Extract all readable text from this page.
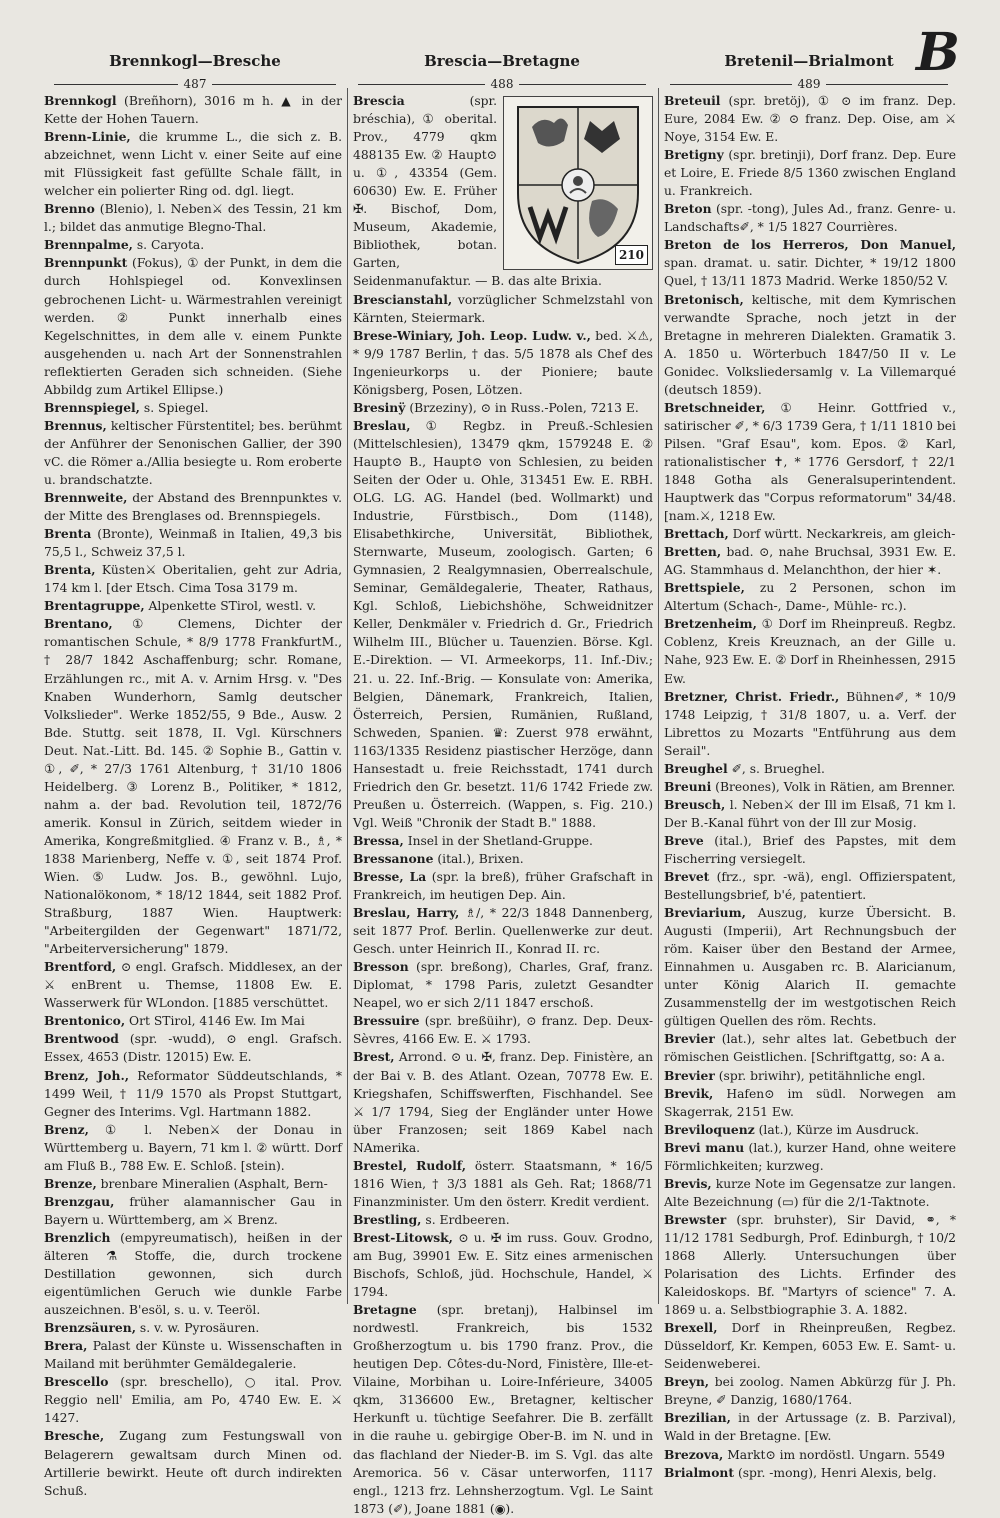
B
Brennkogl—Bresche	Brescia—Bretagne	Bretenil—Brialmont
487	488	489

Brennkogl (Breñhorn), 3016 m h. ▲ in der Kette der Hohen Tauern.

Brenn-Linie, die krumme L., die sich z. B. abzeichnet, wenn Licht v. einer Seite auf eine mit Flüssigkeit fast gefüllte Schale fällt, in welcher ein polierter Ring od. dgl. liegt.

Brenno (Blenio), l. Neben⚔ des Tessin, 21 km l.; bildet das anmutige Blegno-Thal.

Brennpalme, s. Caryota.

Brennpunkt (Fokus), ① der Punkt, in dem die durch Hohlspiegel od. Konvexlinsen gebrochenen Licht- u. Wärmestrahlen vereinigt werden. ② Punkt innerhalb eines Kegelschnittes, in dem alle v. einem Punkte ausgehenden u. nach Art der Sonnenstrahlen reflektierten Geraden sich schneiden. (Siehe Abbildg zum Artikel Ellipse.)

Brennspiegel, s. Spiegel.

Brennus, keltischer Fürstentitel; bes. berühmt der Anführer der Senonischen Gallier, der 390 vC. die Römer a./Allia besiegte u. Rom eroberte u. brandschatzte.

Brennweite, der Abstand des Brennpunktes v. der Mitte des Brenglases od. Brennspiegels.

Brenta (Bronte), Weinmaß in Italien, 49,3 bis 75,5 l., Schweiz 37,5 l.

Brenta, Küsten⚔ Oberitalien, geht zur Adria, 174 km l. [der Etsch. Cima Tosa 3179 m.

Brentagruppe, Alpenkette STirol, westl. v.

Brentano, ① Clemens, Dichter der romantischen Schule, * 8/9 1778 FrankfurtM., † 28/7 1842 Aschaffenburg; schr. Romane, Erzählungen rc., mit A. v. Arnim Hrsg. v. "Des Knaben Wunderhorn, Samlg deutscher Volkslieder". Werke 1852/55, 9 Bde., Ausw. 2 Bde. Stuttg. seit 1878, II. Vgl. Kürschners Deut. Nat.-Litt. Bd. 145. ② Sophie B., Gattin v. ①, ✐, * 27/3 1761 Altenburg, † 31/10 1806 Heidelberg. ③ Lorenz B., Politiker, * 1812, nahm a. der bad. Revolution teil, 1872/76 amerik. Konsul in Zürich, seitdem wieder in Amerika, Kongreßmitglied. ④ Franz v. B., ♗, * 1838 Marienberg, Neffe v. ①, seit 1874 Prof. Wien. ⑤ Ludw. Jos. B., gewöhnl. Lujo, Nationalökonom, * 18/12 1844, seit 1882 Prof. Straßburg, 1887 Wien. Hauptwerk: "Arbeitergilden der Gegenwart" 1871/72, "Arbeiterversicherung" 1879.

Brentford, ⊙ engl. Grafsch. Middlesex, an der ⚔ enBrent u. Themse, 11808 Ew. E. Wasserwerk für WLondon. [1885 verschüttet.

Brentonico, Ort STirol, 4146 Ew. Im Mai

Brentwood (spr. -wudd), ⊙ engl. Grafsch. Essex, 4653 (Distr. 12015) Ew. E.

Brenz, Joh., Reformator Süddeutschlands, * 1499 Weil, † 11/9 1570 als Propst Stuttgart, Gegner des Interims. Vgl. Hartmann 1882.

Brenz, ① l. Neben⚔ der Donau in Württemberg u. Bayern, 71 km l. ② württ. Dorf am Fluß B., 788 Ew. E. Schloß. [stein).

Brenze, brenbare Mineralien (Asphalt, Bern-

Brenzgau, früher alamannischer Gau in Bayern u. Württemberg, am ⚔ Brenz.

Brenzlich (empyreumatisch), heißen in der älteren ⚗ Stoffe, die, durch trockene Destillation gewonnen, sich durch eigentümlichen Geruch wie dunkle Farbe auszeichnen. B'esöl, s. u. v. Teeröl.

Brenzsäuren, s. v. w. Pyrosäuren.

Brera, Palast der Künste u. Wissenschaften in Mailand mit berühmter Gemäldegalerie.

Brescello (spr. breschello), ○ ital. Prov. Reggio nell' Emilia, am Po, 4740 Ew. E. ⚔ 1427.

Bresche, Zugang zum Festungswall von Belagerern gewaltsam durch Minen od. Artillerie bewirkt. Heute oft durch indirekten Schuß.

210

Brescia	(spr. bréschia), ① oberital. Prov., 4779 qkm 488135 Ew. ② Haupt⊙ u. ①, 43354 (Gem. 60630) Ew. E. Früher ✠. Bischof, Dom, Museum, Akademie, Bibliothek, botan. Garten, Seidenmanufaktur. — B. das alte Brixia.

Brescianstahl, vorzüglicher Schmelzstahl von Kärnten, Steiermark.

Brese-Winiary, Joh. Leop. Ludw. v., bed. ⚔⚠, * 9/9 1787 Berlin, † das. 5/5 1878 als Chef des Ingenieurkorps u. der Pioniere; baute Königsberg, Posen, Lötzen.

Bresinÿ (Brzeziny), ⊙ in Russ.-Polen, 7213 E.

Breslau, ① Regbz. in Preuß.-Schlesien (Mittelschlesien), 13479 qkm, 1579248 E. ② Haupt⊙ B., Haupt⊙ von Schlesien, zu beiden Seiten der Oder u. Ohle, 313451 Ew. E. RBH. OLG. LG. AG. Handel (bed. Wollmarkt) und Industrie, Fürstbisch., Dom (1148), Elisabethkirche, Universität, Bibliothek, Sternwarte, Museum, zoologisch. Garten; 6 Gymnasien, 2 Realgymnasien, Oberrealschule, Seminar, Gemäldegalerie, Theater, Rathaus, Kgl. Schloß, Liebichshöhe, Schweidnitzer Keller, Denkmäler v. Friedrich d. Gr., Friedrich Wilhelm III., Blücher u. Tauenzien. Börse. Kgl. E.-Direktion. — VI. Armeekorps, 11. Inf.-Div.; 21. u. 22. Inf.-Brig. — Konsulate von: Amerika, Belgien, Dänemark, Frankreich, Italien, Österreich, Persien, Rumänien, Rußland, Schweden, Spanien. ♛: Zuerst 978 erwähnt, 1163/1335 Residenz piastischer Herzöge, dann Hansestadt u. freie Reichsstadt, 1741 durch Friedrich den Gr. besetzt. 11/6 1742 Friede zw. Preußen u. Österreich. (Wappen, s. Fig. 210.) Vgl. Weiß "Chronik der Stadt B." 1888.

Bressa, Insel in der Shetland-Gruppe.

Bressanone (ital.), Brixen.

Bresse, La (spr. la breß), früher Grafschaft in Frankreich, im heutigen Dep. Ain.

Breslau, Harry, ♗/, * 22/3 1848 Dannenberg, seit 1877 Prof. Berlin. Quellenwerke zur deut. Gesch. unter Heinrich II., Konrad II. rc.

Bresson (spr. breßong), Charles, Graf, franz. Diplomat, * 1798 Paris, zuletzt Gesandter Neapel, wo er sich 2/11 1847 erschoß.

Bressuire (spr. breßüihr), ⊙ franz. Dep. Deux-Sèvres, 4166 Ew. E. ⚔ 1793.

Brest, Arrond. ⊙ u. ✠, franz. Dep. Finistère, an der Bai v. B. des Atlant. Ozean, 70778 Ew. E. Kriegshafen, Schiffswerften, Fischhandel. See ⚔ 1/7 1794, Sieg der Engländer unter Howe über Franzosen; seit 1869 Kabel nach NAmerika.

Brestel, Rudolf, österr. Staatsmann, * 16/5 1816 Wien, † 3/3 1881 als Geh. Rat; 1868/71 Finanzminister. Um den österr. Kredit verdient.

Brestling, s. Erdbeeren.

Brest-Litowsk, ⊙ u. ✠ im russ. Gouv. Grodno, am Bug, 39901 Ew. E. Sitz eines armenischen Bischofs, Schloß, jüd. Hochschule, Handel, ⚔ 1794.

Bretagne (spr. bretanj), Halbinsel im nordwestl. Frankreich, bis 1532 Großherzogtum u. bis 1790 franz. Prov., die heutigen Dep. Côtes-du-Nord, Finistère, Ille-et-Vilaine, Morbihan u. Loire-Inférieure, 34005 qkm, 3136600 Ew., Bretagner, keltischer Herkunft u. tüchtige Seefahrer. Die B. zerfällt in die rauhe u. gebirgige Ober-B. im N. und in das flachland der Nieder-B. im S. Vgl. das alte Aremorica. 56 v. Cäsar unterworfen, 1117 engl., 1213 frz. Lehnsherzogtum. Vgl. Le Saint 1873 (✐), Joane 1881 (◉).

Breteuil (spr. bretöj), ① ⊙ im franz. Dep. Eure, 2084 Ew. ② ⊙ franz. Dep. Oise, am ⚔ Noye, 3154 Ew. E.

Bretigny (spr. bretinji), Dorf franz. Dep. Eure et Loire, E. Friede 8/5 1360 zwischen England u. Frankreich.

Breton (spr. -tong), Jules Ad., franz. Genre- u. Landschafts✐, * 1/5 1827 Courrières.

Breton de los Herreros, Don Manuel, span. dramat. u. satir. Dichter, * 19/12 1800 Quel, † 13/11 1873 Madrid. Werke 1850/52 V.

Bretonisch, keltische, mit dem Kymrischen verwandte Sprache, noch jetzt in der Bretagne in mehreren Dialekten. Gramatik 3. A. 1850 u. Wörterbuch 1847/50 II v. Le Gonidec. Volksliedersamlg v. La Villemarqué (deutsch 1859).

Bretschneider, ① Heinr. Gottfried v., satirischer ✐, * 6/3 1739 Gera, † 1/11 1810 bei Pilsen. "Graf Esau", kom. Epos. ② Karl, rationalistischer ✝, * 1776 Gersdorf, † 22/1 1848 Gotha als Generalsuperintendent. Hauptwerk das "Corpus reformatorum" 34/48. [nam.⚔, 1218 Ew.

Brettach, Dorf württ. Neckarkreis, am gleich-

Bretten, bad. ⊙, nahe Bruchsal, 3931 Ew. E. AG. Stammhaus d. Melanchthon, der hier ✶.

Brettspiele, zu 2 Personen, schon im Altertum (Schach-, Dame-, Mühle- rc.).

Bretzenheim, ① Dorf im Rheinpreuß. Regbz. Coblenz, Kreis Kreuznach, an der Gille u. Nahe, 923 Ew. E. ② Dorf in Rheinhessen, 2915 Ew.

Bretzner, Christ. Friedr., Bühnen✐, * 10/9 1748 Leipzig, † 31/8 1807, u. a. Verf. der Librettos zu Mozarts "Entführung aus dem Serail".

Breughel ✐, s. Brueghel.

Breuni (Breones), Volk in Rätien, am Brenner.

Breusch, l. Neben⚔ der Ill im Elsaß, 71 km l. Der B.-Kanal führt von der Ill zur Mosig.

Breve (ital.), Brief des Papstes, mit dem Fischerring versiegelt.

Brevet (frz., spr. -wä), engl. Offizierspatent, Bestellungsbrief, b'é, patentiert.

Breviarium, Auszug, kurze Übersicht. B. Augusti (Imperii), Art Rechnungsbuch der röm. Kaiser über den Bestand der Armee, Einnahmen u. Ausgaben rc. B. Alaricianum, unter König Alarich II. gemachte Zusammenstellg der im westgotischen Reich gültigen Quellen des röm. Rechts.

Brevier (lat.), sehr altes lat. Gebetbuch der römischen Geistlichen. [Schriftgattg, so: A a.

Brevier (spr. briwihr), petitähnliche engl.

Brevik, Hafen⊙ im südl. Norwegen am Skagerrak, 2151 Ew.

Breviloquenz (lat.), Kürze im Ausdruck.

Brevi manu (lat.), kurzer Hand, ohne weitere Förmlichkeiten; kurzweg.

Brevis, kurze Note im Gegensatze zur langen. Alte Bezeichnung (▭) für die 2/1-Taktnote.

Brewster (spr. bruhster), Sir David, ⚭, * 11/12 1781 Sedburgh, Prof. Edinburgh, † 10/2 1868 Allerly. Untersuchungen über Polarisation des Lichts. Erfinder des Kaleidoskops. Bf. "Martyrs of science" 7. A. 1869 u. a. Selbstbiographie 3. A. 1882.

Brexell, Dorf in Rheinpreußen, Regbez. Düsseldorf, Kr. Kempen, 6053 Ew. E. Samt- u. Seidenweberei.

Breyn, bei zoolog. Namen Abkürzg für J. Ph. Breyne, ✐ Danzig, 1680/1764.

Brezilian, in der Artussage (z. B. Parzival), Wald in der Bretagne. [Ew.

Brezova, Markt⊙ im nordöstl. Ungarn. 5549

Brialmont (spr. -mong), Henri Alexis, belg.
